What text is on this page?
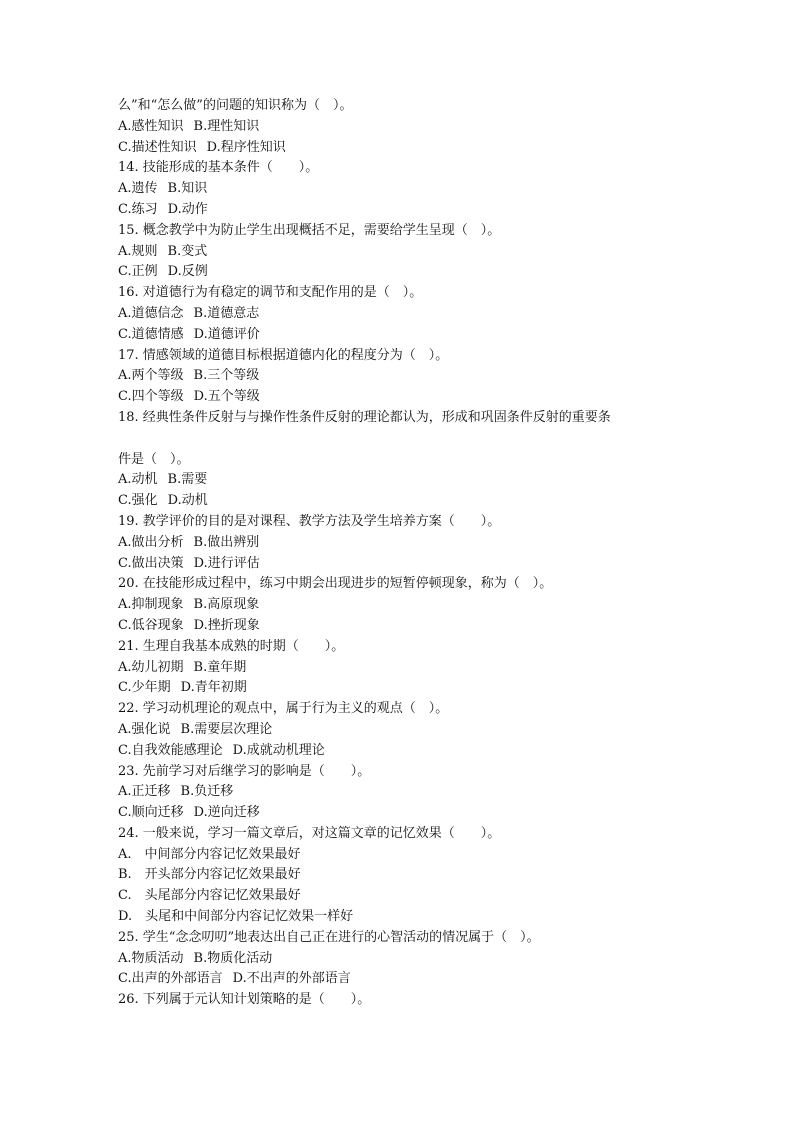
么”和“怎么做”的问题的知识称为（　）。
A.感性知识 B.理性知识
C.描述性知识 D.程序性知识
14. 技能形成的基本条件（　　）。
A.遗传 B.知识
C.练习 D.动作
15. 概念教学中为防止学生出现概括不足，需要给学生呈现（　）。
A.规则 B.变式
C.正例 D.反例
16. 对道德行为有稳定的调节和支配作用的是（　）。
A.道德信念 B.道德意志
C.道德情感 D.道德评价
17. 情感领域的道德目标根据道德内化的程度分为（　）。
A.两个等级 B.三个等级
C.四个等级 D.五个等级
18. 经典性条件反射与与操作性条件反射的理论都认为，形成和巩固条件反射的重要条
件是（　）。
A.动机 B.需要
C.强化 D.动机
19. 教学评价的目的是对课程、教学方法及学生培养方案（　　）。
A.做出分析 B.做出辨别
C.做出决策 D.进行评估
20. 在技能形成过程中，练习中期会出现进步的短暂停顿现象，称为（　）。
A.抑制现象 B.高原现象
C.低谷现象 D.挫折现象
21. 生理自我基本成熟的时期（　　）。
A.幼儿初期 B.童年期
C.少年期 D.青年初期
22. 学习动机理论的观点中，属于行为主义的观点（　）。
A.强化说 B.需要层次理论
C.自我效能感理论 D.成就动机理论
23. 先前学习对后继学习的影响是（　　）。
A.正迁移 B.负迁移
C.顺向迁移 D.逆向迁移
24. 一般来说，学习一篇文章后，对这篇文章的记忆效果（　　）。
A.　中间部分内容记忆效果最好
B.　开头部分内容记忆效果最好
C.　头尾部分内容记忆效果最好
D.　头尾和中间部分内容记忆效果一样好
25. 学生“念念叨叨”地表达出自己正在进行的心智活动的情况属于（　）。
A.物质活动 B.物质化活动
C.出声的外部语言 D.不出声的外部语言
26. 下列属于元认知计划策略的是（　　）。
